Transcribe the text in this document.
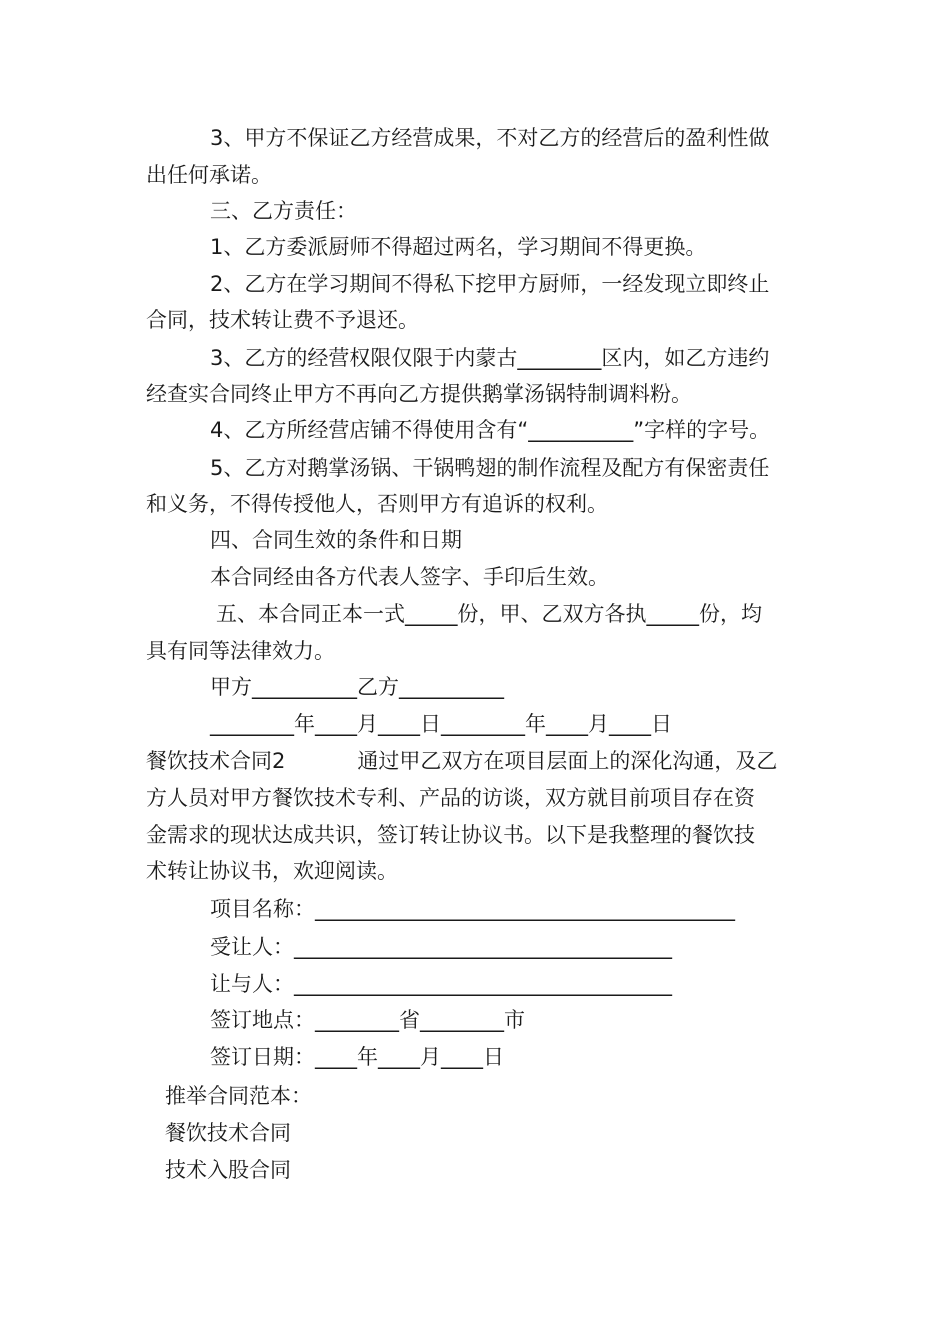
3、甲方不保证乙方经营成果，不对乙方的经营后的盈利性做

出任何承诺。

三、乙方责任：

1、乙方委派厨师不得超过两名，学习期间不得更换。

2、乙方在学习期间不得私下挖甲方厨师，一经发现立即终止

合同，技术转让费不予退还。

3、乙方的经营权限仅限于内蒙古________区内，如乙方违约

经查实合同终止甲方不再向乙方提供鹅掌汤锅特制调料粉。

4、乙方所经营店铺不得使用含有“__________”字样的字号。

5、乙方对鹅掌汤锅、干锅鸭翅的制作流程及配方有保密责任

和义务，不得传授他人，否则甲方有追诉的权利。

四、合同生效的条件和日期

本合同经由各方代表人签字、手印后生效。

五、本合同正本一式_____份，甲、乙双方各执_____份，均

具有同等法律效力。

甲方__________乙方__________

________年____月____日________年____月____日

餐饮技术合同2	通过甲乙双方在项目层面上的深化沟通，及乙

方人员对甲方餐饮技术专利、产品的访谈，双方就目前项目存在资

金需求的现状达成共识，签订转让协议书。以下是我整理的餐饮技

术转让协议书，欢迎阅读。

项目名称：________________________________________

受让人：____________________________________

让与人：____________________________________

签订地点：________省________市

签订日期：____年____月____日

推举合同范本：

餐饮技术合同

技术入股合同
